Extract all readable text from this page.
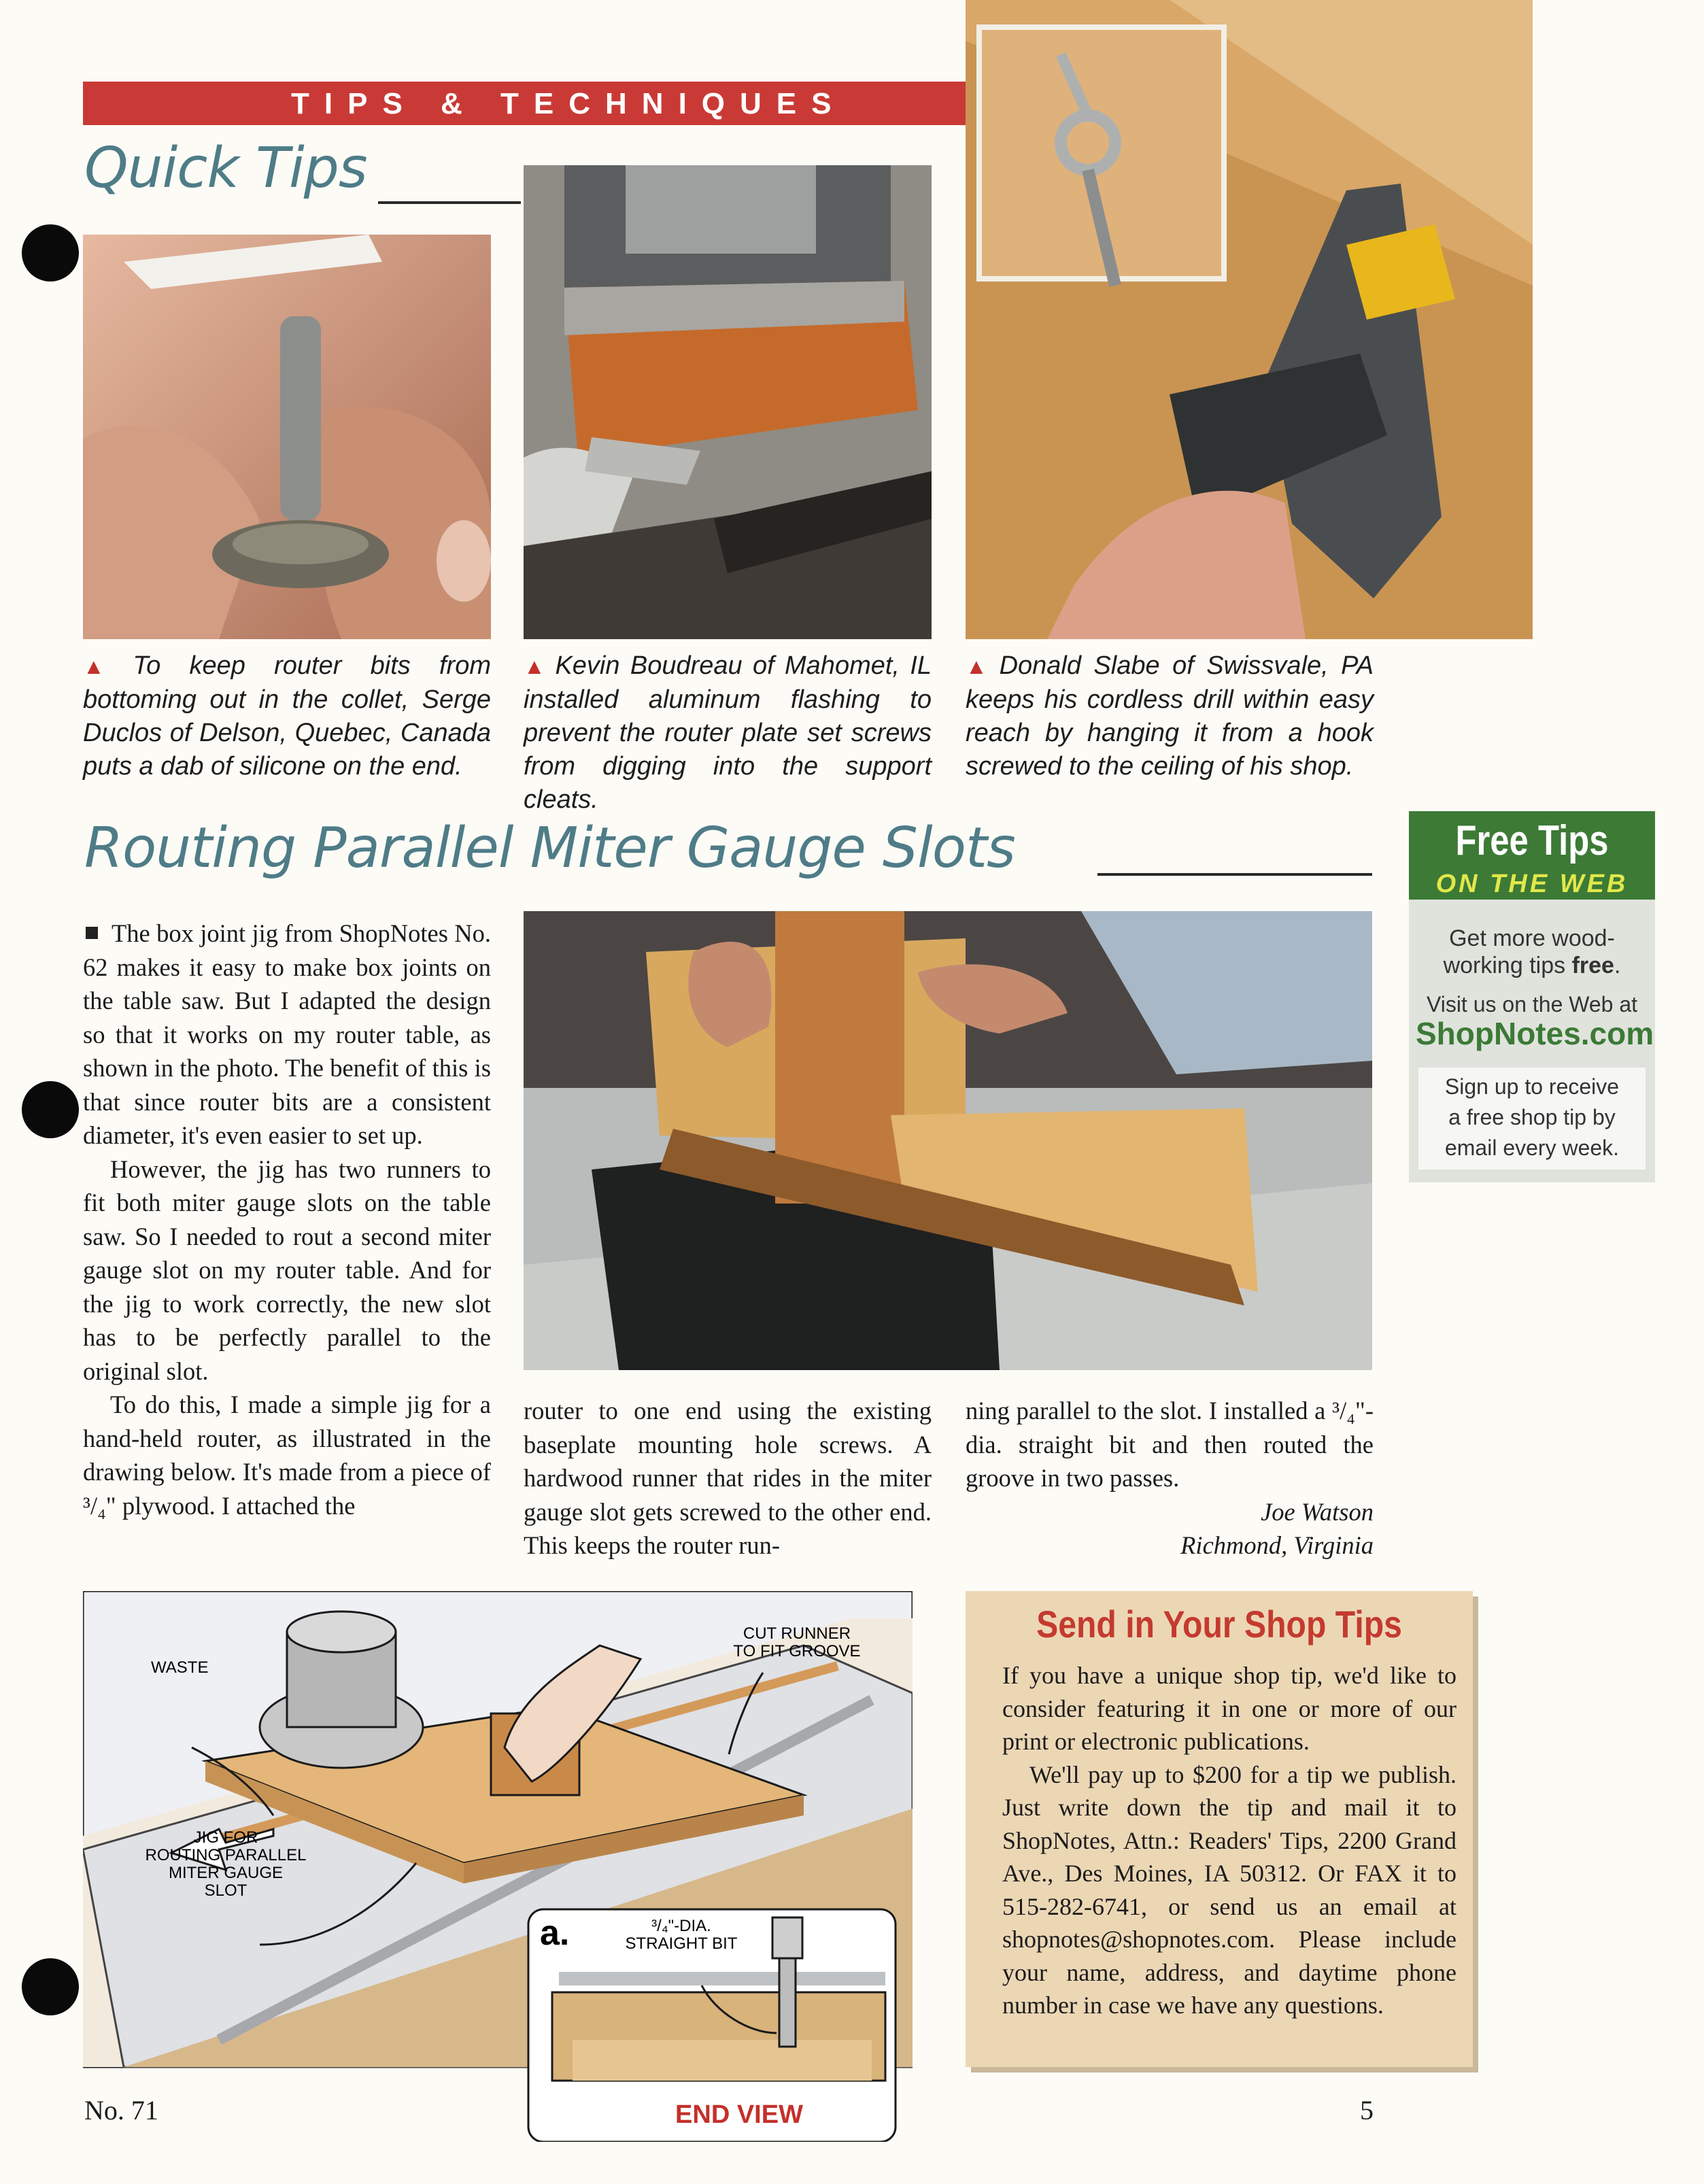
TIPS & TECHNIQUES
Quick Tips
▲ To keep router bits from bottoming out in the collet, Serge Duclos of Delson, Quebec, Canada puts a dab of silicone on the end.
▲ Kevin Boudreau of Mahomet, IL installed aluminum flashing to prevent the router plate set screws from digging into the support cleats.
▲ Donald Slabe of Swissvale, PA keeps his cordless drill within easy reach by hanging it from a hook screwed to the ceiling of his shop.
Routing Parallel Miter Gauge Slots

The box joint jig from ShopNotes No. 62 makes it easy to make box joints on the table saw. But I adapted the design so that it works on my router table, as shown in the photo. The benefit of this is that since router bits are a consistent diameter, it's even easier to set up.

However, the jig has two runners to fit both miter gauge slots on the table saw. So I needed to rout a second miter gauge slot on my router table. And for the jig to work correctly, the new slot has to be perfectly parallel to the original slot.

To do this, I made a simple jig for a hand-held router, as illustrated in the drawing below. It's made from a piece of ³/₄" plywood. I attached the

router to one end using the existing baseplate mounting hole screws. A hardwood runner that rides in the miter gauge slot gets screwed to the other end. This keeps the router run-

ning parallel to the slot. I installed a ³/₄"-dia. straight bit and then routed the groove in two passes.

Joe Watson
Richmond, Virginia
WASTE
CUT RUNNER
TO FIT GROOVE
JIG FOR
ROUTING PARALLEL
MITER GAUGE
SLOT
a.	³/₄"-DIA.
STRAIGHT BIT
END VIEW
Free Tips
ON THE WEB
Get more wood-
working tips free.
Visit us on the Web at
ShopNotes.com
Sign up to receive
a free shop tip by
email every week.
Send in Your Shop Tips

If you have a unique shop tip, we'd like to consider featuring it in one or more of our print or electronic publications.

We'll pay up to $200 for a tip we publish. Just write down the tip and mail it to ShopNotes, Attn.: Readers' Tips, 2200 Grand Ave., Des Moines, IA 50312. Or FAX it to 515-282-6741, or send us an email at shopnotes@shopnotes.com. Please include your name, address, and daytime phone number in case we have any questions.

No. 71	5
